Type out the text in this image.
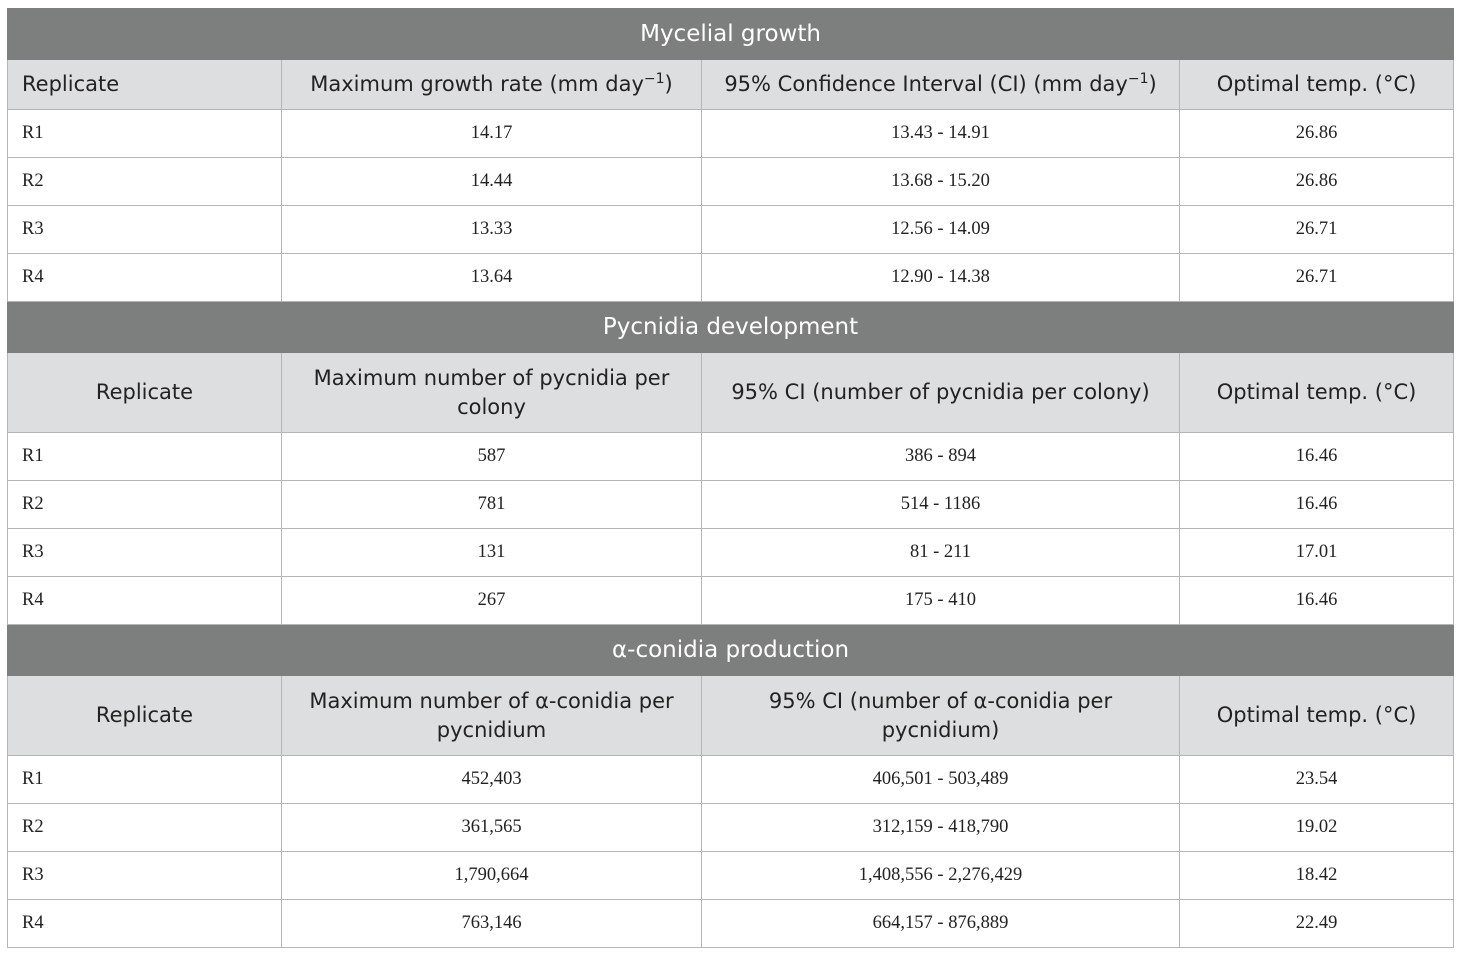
Mycelial growth			
Replicate	Maximum growth rate (mm day$^{-1}$)	95% Confidence Interval (CI) (mm day$^{-1}$)	Optimal temp. (°C)
R1	14.17	13.43 - 14.91	26.86
R2	14.44	13.68 - 15.20	26.86
R3	13.33	12.56 - 14.09	26.71
R4	13.64	12.90 - 14.38	26.71
Pycnidia development			
Replicate	Maximum number of pycnidia per colony	95% CI (number of pycnidia per colony)	Optimal temp. (°C)
R1	587	386 - 894	16.46
R2	781	514 - 1186	16.46
R3	131	81 - 211	17.01
R4	267	175 - 410	16.46
α-conidia production			
Replicate	Maximum number of α-conidia per pycnidium	95% CI (number of α-conidia per pycnidium)	Optimal temp. (°C)
R1	452,403	406,501 - 503,489	23.54
R2	361,565	312,159 - 418,790	19.02
R3	1,790,664	1,408,556 - 2,276,429	18.42
R4	763,146	664,157 - 876,889	22.49
